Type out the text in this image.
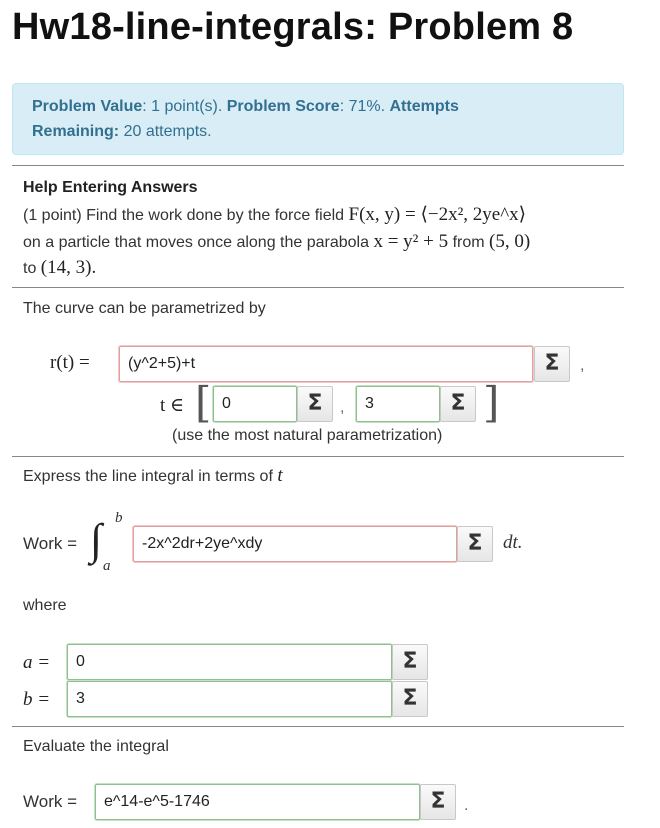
Hw18-line-integrals: Problem 8
Problem Value: 1 point(s). Problem Score: 71%. Attempts
Remaining: 20 attempts.
Help Entering Answers
(1 point) Find the work done by the force field F(x, y) = ⟨−2x², 2ye^x⟩
on a particle that moves once along the parabola x = y² + 5 from (5, 0)
to (14, 3).
The curve can be parametrized by
r(t) =	(y^2+5)+t	Σ	,
t ∈ [ 0	Σ	,	3	Σ ]
(use the most natural parametrization)
Express the line integral in terms of t
Work = ∫ b
a
-2x^2dr+2ye^xdy	Σ	dt.
where
a =	0	Σ
b =	3	Σ
Evaluate the integral
Work =	e^14-e^5-1746	Σ	.
